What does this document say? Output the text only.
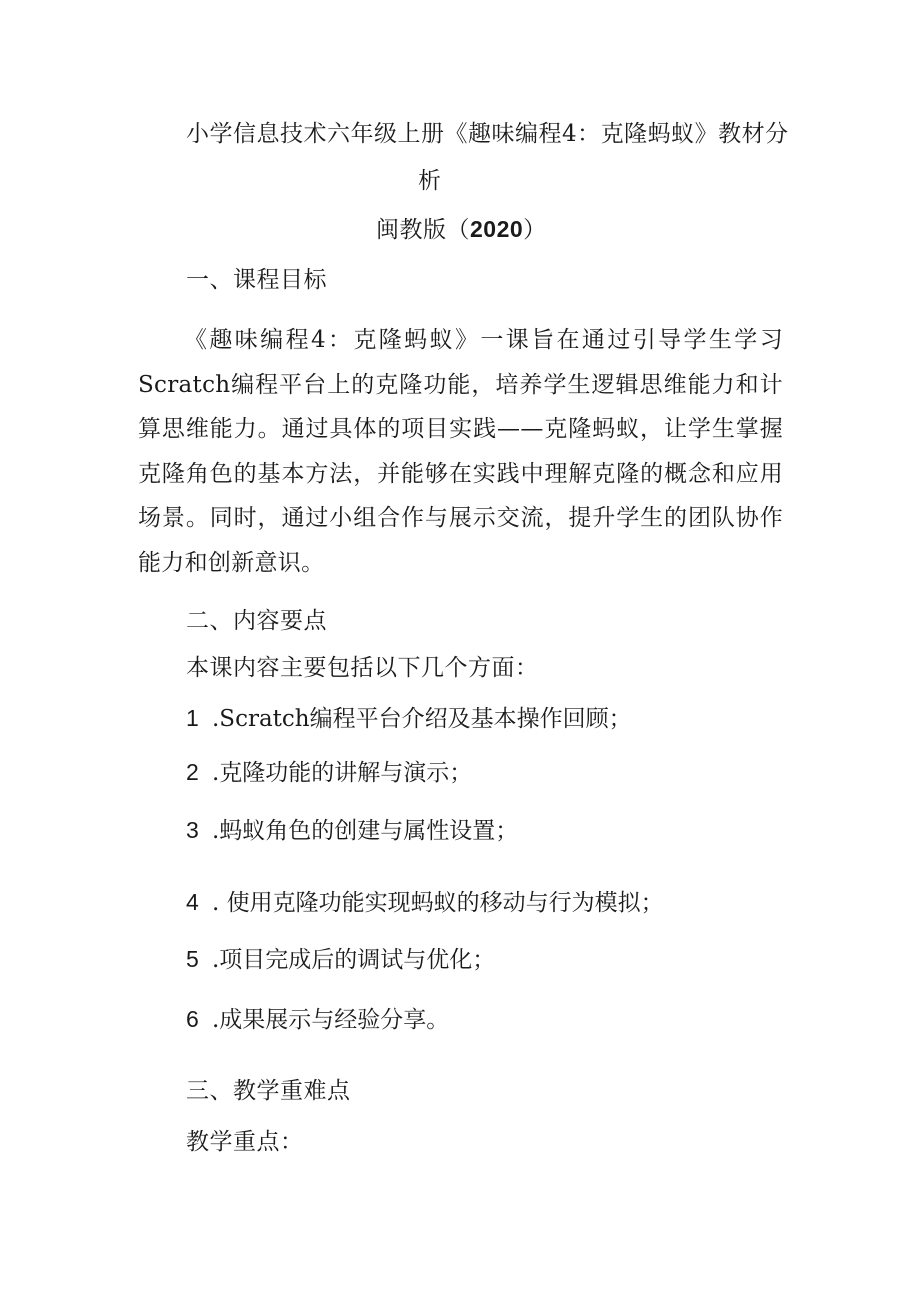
小学信息技术六年级上册《趣味编程4：克隆蚂蚁》教材分
析
闽教版（2020）
一、课程目标
《趣味编程4：克隆蚂蚁》一课旨在通过引导学生学习Scratch编程平台上的克隆功能，培养学生逻辑思维能力和计算思维能力。通过具体的项目实践——克隆蚂蚁，让学生掌握克隆角色的基本方法，并能够在实践中理解克隆的概念和应用场景。同时，通过小组合作与展示交流，提升学生的团队协作能力和创新意识。
二、内容要点
本课内容主要包括以下几个方面：
1 .Scratch编程平台介绍及基本操作回顾；
2 .克隆功能的讲解与演示；
3 .蚂蚁角色的创建与属性设置；
4 . 使用克隆功能实现蚂蚁的移动与行为模拟；
5 .项目完成后的调试与优化；
6 .成果展示与经验分享。
三、教学重难点
教学重点：
